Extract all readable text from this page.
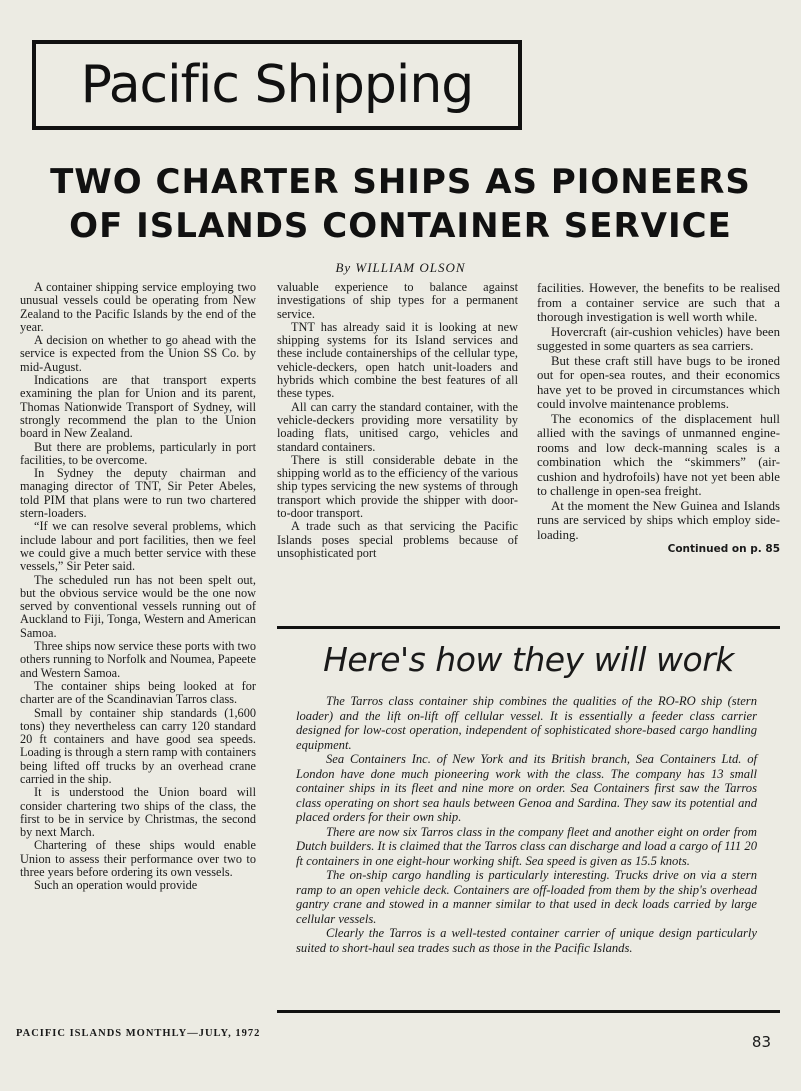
Pacific Shipping
TWO CHARTER SHIPS AS PIONEERS
OF ISLANDS CONTAINER SERVICE
By WILLIAM OLSON

A container shipping service employing two unusual vessels could be operating from New Zealand to the Pacific Islands by the end of the year.

A decision on whether to go ahead with the service is expected from the Union SS Co. by mid-August.

Indications are that transport experts examining the plan for Union and its parent, Thomas Nationwide Transport of Sydney, will strongly recommend the plan to the Union board in New Zealand.

But there are problems, particularly in port facilities, to be overcome.

In Sydney the deputy chairman and managing director of TNT, Sir Peter Abeles, told PIM that plans were to run two chartered stern-loaders.

“If we can resolve several problems, which include labour and port facilities, then we feel we could give a much better service with these vessels,” Sir Peter said.

The scheduled run has not been spelt out, but the obvious service would be the one now served by conventional vessels running out of Auckland to Fiji, Tonga, Western and American Samoa.

Three ships now service these ports with two others running to Norfolk and Noumea, Papeete and Western Samoa.

The container ships being looked at for charter are of the Scandinavian Tarros class.

Small by container ship standards (1,600 tons) they nevertheless can carry 120 standard 20 ft containers and have good sea speeds. Loading is through a stern ramp with containers being lifted off trucks by an overhead crane carried in the ship.

It is understood the Union board will consider chartering two ships of the class, the first to be in service by Christmas, the second by next March.

Chartering of these ships would enable Union to assess their performance over two to three years before ordering its own vessels.

Such an operation would provide

valuable experience to balance against investigations of ship types for a permanent service.

TNT has already said it is looking at new shipping systems for its Island services and these include containerships of the cellular type, vehicle-deckers, open hatch unit-loaders and hybrids which combine the best features of all these types.

All can carry the standard container, with the vehicle-deckers providing more versatility by loading flats, unitised cargo, vehicles and standard containers.

There is still considerable debate in the shipping world as to the efficiency of the various ship types servicing the new systems of through transport which provide the shipper with door-to-door transport.

A trade such as that servicing the Pacific Islands poses special problems because of unsophisticated port

facilities. However, the benefits to be realised from a container service are such that a thorough investigation is well worth while.

Hovercraft (air-cushion vehicles) have been suggested in some quarters as sea carriers.

But these craft still have bugs to be ironed out for open-sea routes, and their economics have yet to be proved in circumstances which could involve maintenance problems.

The economics of the displacement hull allied with the savings of unmanned engine-rooms and low deck-manning scales is a combination which the “skimmers” (air-cushion and hydrofoils) have not yet been able to challenge in open-sea freight.

At the moment the New Guinea and Islands runs are serviced by ships which employ side-loading.

Continued on p. 85

Here's how they will work

The Tarros class container ship combines the qualities of the RO-RO ship (stern loader) and the lift on-lift off cellular vessel. It is essentially a feeder class carrier designed for low-cost operation, independent of sophisticated shore-based cargo handling equipment.

Sea Containers Inc. of New York and its British branch, Sea Containers Ltd. of London have done much pioneering work with the class. The company has 13 small container ships in its fleet and nine more on order. Sea Containers first saw the Tarros class operating on short sea hauls between Genoa and Sardina. They saw its potential and placed orders for their own ship.

There are now six Tarros class in the company fleet and another eight on order from Dutch builders. It is claimed that the Tarros class can discharge and load a cargo of 111 20 ft containers in one eight-hour working shift. Sea speed is given as 15.5 knots.

The on-ship cargo handling is particularly interesting. Trucks drive on via a stern ramp to an open vehicle deck. Containers are off-loaded from them by the ship's overhead gantry crane and stowed in a manner similar to that used in deck loads carried by large cellular vessels.

Clearly the Tarros is a well-tested container carrier of unique design particularly suited to short-haul sea trades such as those in the Pacific Islands.

PACIFIC ISLANDS MONTHLY—JULY, 1972	83
